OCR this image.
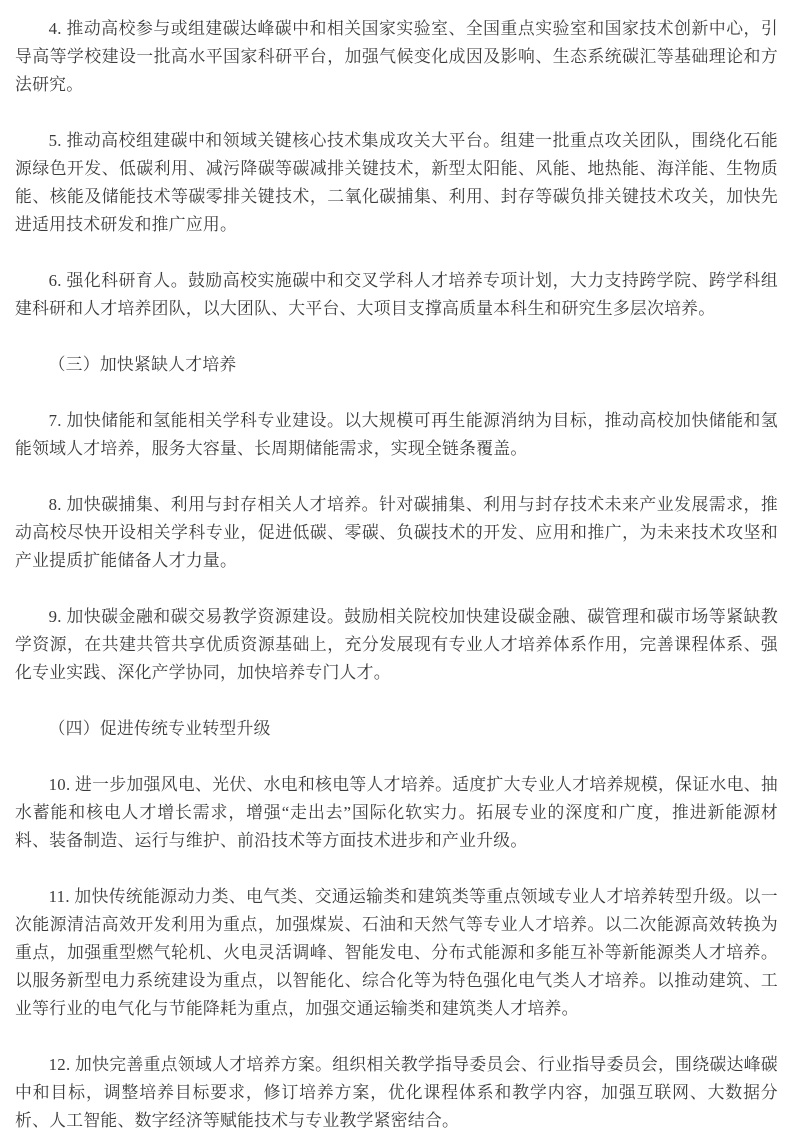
4. 推动高校参与或组建碳达峰碳中和相关国家实验室、全国重点实验室和国家技术创新中心，引导高等学校建设一批高水平国家科研平台，加强气候变化成因及影响、生态系统碳汇等基础理论和方法研究。

5. 推动高校组建碳中和领域关键核心技术集成攻关大平台。组建一批重点攻关团队，围绕化石能源绿色开发、低碳利用、减污降碳等碳减排关键技术，新型太阳能、风能、地热能、海洋能、生物质能、核能及储能技术等碳零排关键技术，二氧化碳捕集、利用、封存等碳负排关键技术攻关，加快先进适用技术研发和推广应用。

6. 强化科研育人。鼓励高校实施碳中和交叉学科人才培养专项计划，大力支持跨学院、跨学科组建科研和人才培养团队，以大团队、大平台、大项目支撑高质量本科生和研究生多层次培养。

（三）加快紧缺人才培养

7. 加快储能和氢能相关学科专业建设。以大规模可再生能源消纳为目标，推动高校加快储能和氢能领域人才培养，服务大容量、长周期储能需求，实现全链条覆盖。

8. 加快碳捕集、利用与封存相关人才培养。针对碳捕集、利用与封存技术未来产业发展需求，推动高校尽快开设相关学科专业，促进低碳、零碳、负碳技术的开发、应用和推广，为未来技术攻坚和产业提质扩能储备人才力量。

9. 加快碳金融和碳交易教学资源建设。鼓励相关院校加快建设碳金融、碳管理和碳市场等紧缺教学资源，在共建共管共享优质资源基础上，充分发展现有专业人才培养体系作用，完善课程体系、强化专业实践、深化产学协同，加快培养专门人才。

（四）促进传统专业转型升级

10. 进一步加强风电、光伏、水电和核电等人才培养。适度扩大专业人才培养规模，保证水电、抽水蓄能和核电人才增长需求，增强“走出去”国际化软实力。拓展专业的深度和广度，推进新能源材料、装备制造、运行与维护、前沿技术等方面技术进步和产业升级。

11. 加快传统能源动力类、电气类、交通运输类和建筑类等重点领域专业人才培养转型升级。以一次能源清洁高效开发利用为重点，加强煤炭、石油和天然气等专业人才培养。以二次能源高效转换为重点，加强重型燃气轮机、火电灵活调峰、智能发电、分布式能源和多能互补等新能源类人才培养。以服务新型电力系统建设为重点，以智能化、综合化等为特色强化电气类人才培养。以推动建筑、工业等行业的电气化与节能降耗为重点，加强交通运输类和建筑类人才培养。

12. 加快完善重点领域人才培养方案。组织相关教学指导委员会、行业指导委员会，围绕碳达峰碳中和目标，调整培养目标要求，修订培养方案，优化课程体系和教学内容，加强互联网、大数据分析、人工智能、数字经济等赋能技术与专业教学紧密结合。
